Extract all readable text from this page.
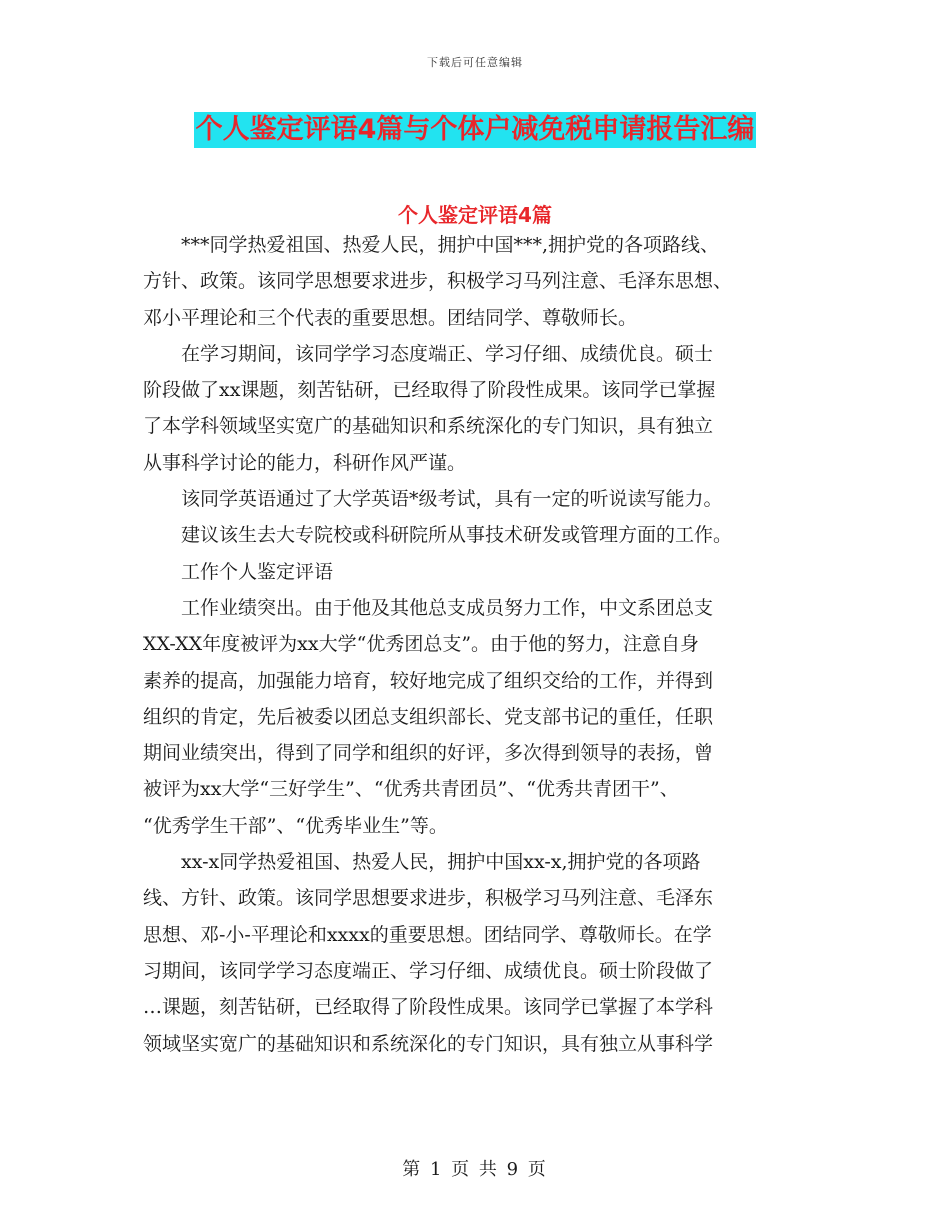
下载后可任意编辑
个人鉴定评语4篇与个体户减免税申请报告汇编
个人鉴定评语4篇
　　***同学热爱祖国、热爱人民，拥护中国***,拥护党的各项路线、
方针、政策。该同学思想要求进步，积极学习马列注意、毛泽东思想、
邓小平理论和三个代表的重要思想。团结同学、尊敬师长。
　　在学习期间，该同学学习态度端正、学习仔细、成绩优良。硕士
阶段做了xx课题，刻苦钻研，已经取得了阶段性成果。该同学已掌握
了本学科领域坚实宽广的基础知识和系统深化的专门知识，具有独立
从事科学讨论的能力，科研作风严谨。
　　该同学英语通过了大学英语*级考试，具有一定的听说读写能力。
　　建议该生去大专院校或科研院所从事技术研发或管理方面的工作。
　　工作个人鉴定评语
　　工作业绩突出。由于他及其他总支成员努力工作，中文系团总支
XX-XX年度被评为xx大学“优秀团总支”。由于他的努力，注意自身
素养的提高，加强能力培育，较好地完成了组织交给的工作，并得到
组织的肯定，先后被委以团总支组织部长、党支部书记的重任，任职
期间业绩突出，得到了同学和组织的好评，多次得到领导的表扬，曾
被评为xx大学“三好学生”、“优秀共青团员”、“优秀共青团干”、
“优秀学生干部”、“优秀毕业生”等。
　　xx-x同学热爱祖国、热爱人民，拥护中国xx-x,拥护党的各项路
线、方针、政策。该同学思想要求进步，积极学习马列注意、毛泽东
思想、邓-小-平理论和xxxx的重要思想。团结同学、尊敬师长。在学
习期间，该同学学习态度端正、学习仔细、成绩优良。硕士阶段做了
…课题，刻苦钻研，已经取得了阶段性成果。该同学已掌握了本学科
领域坚实宽广的基础知识和系统深化的专门知识，具有独立从事科学
第 1 页 共 9 页
